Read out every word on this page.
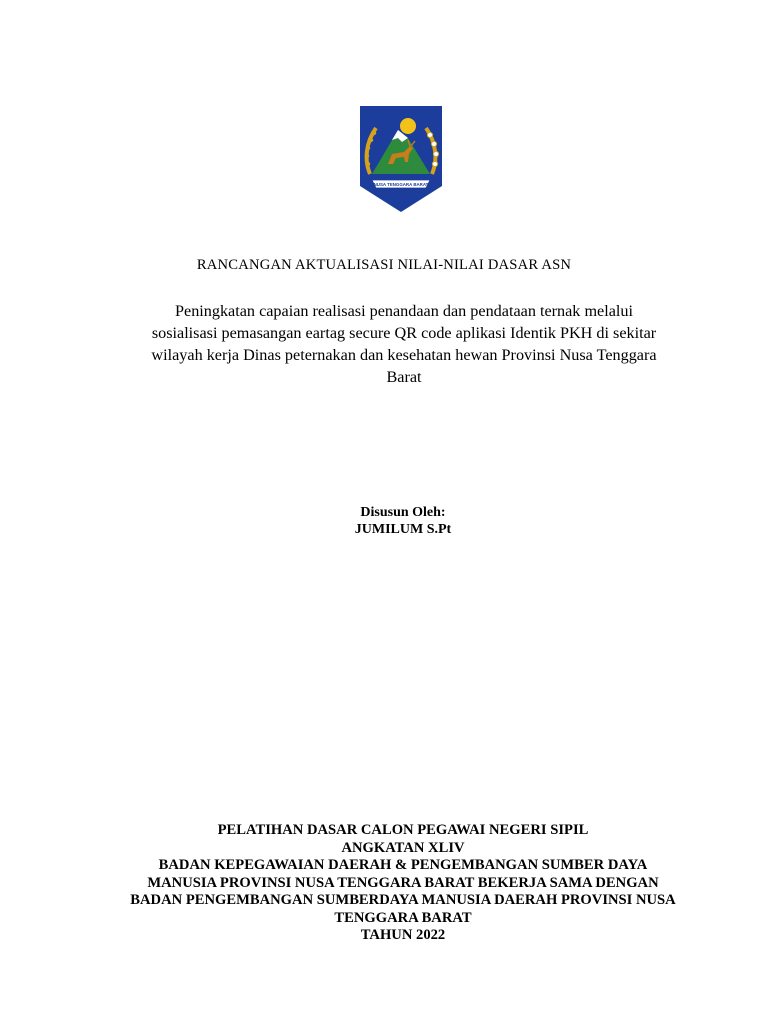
NUSA TENGGARA BARAT
RANCANGAN AKTUALISASI NILAI-NILAI DASAR ASN
Peningkatan capaian realisasi penandaan dan pendataan ternak melalui
sosialisasi pemasangan eartag secure QR code aplikasi Identik PKH di sekitar
wilayah kerja Dinas peternakan dan kesehatan hewan Provinsi Nusa Tenggara
Barat
Disusun Oleh:
JUMILUM S.Pt
PELATIHAN DASAR CALON PEGAWAI NEGERI SIPIL
ANGKATAN XLIV
BADAN KEPEGAWAIAN DAERAH & PENGEMBANGAN SUMBER DAYA
MANUSIA PROVINSI NUSA TENGGARA BARAT BEKERJA SAMA DENGAN
BADAN PENGEMBANGAN SUMBERDAYA MANUSIA DAERAH PROVINSI NUSA
TENGGARA BARAT
TAHUN 2022
